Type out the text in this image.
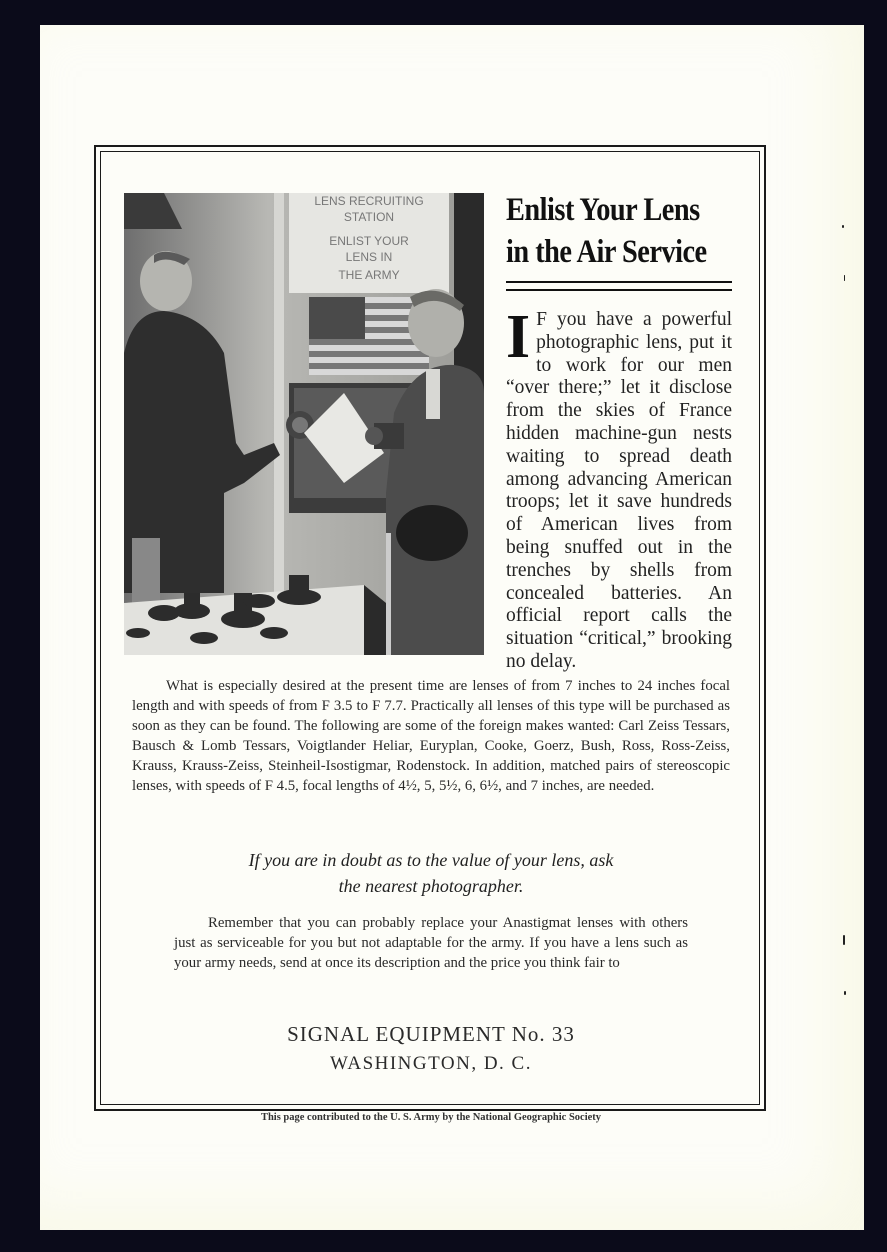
LENS RECRUITING
STATION
ENLIST YOUR
LENS IN
THE ARMY
Enlist Your Lens
in the Air Service
I F you have a powerful photographic lens, put it to work for our men “over there;” let it disclose from the skies of France hidden machine-gun nests waiting to spread death among advancing American troops; let it save hundreds of American lives from being snuffed out in the trenches by shells from concealed batteries. An official report calls the situation “critical,” brooking no delay.

What is especially desired at the present time are lenses of from 7 inches to 24 inches focal length and with speeds of from F 3.5 to F 7.7. Practically all lenses of this type will be purchased as soon as they can be found. The following are some of the foreign makes wanted: Carl Zeiss Tessars, Bausch & Lomb Tessars, Voigtlander Heliar, Euryplan, Cooke, Goerz, Bush, Ross, Ross-Zeiss, Krauss, Krauss-Zeiss, Steinheil-Isostigmar, Rodenstock. In addition, matched pairs of stereoscopic lenses, with speeds of F 4.5, focal lengths of 4½, 5, 5½, 6, 6½, and 7 inches, are needed.

If you are in doubt as to the value of your lens, ask
the nearest photographer.

Remember that you can probably replace your Anastigmat lenses with others just as serviceable for you but not adaptable for the army. If you have a lens such as your army needs, send at once its description and the price you think fair to

SIGNAL EQUIPMENT No. 33
WASHINGTON, D. C.
This page contributed to the U. S. Army by the National Geographic Society
